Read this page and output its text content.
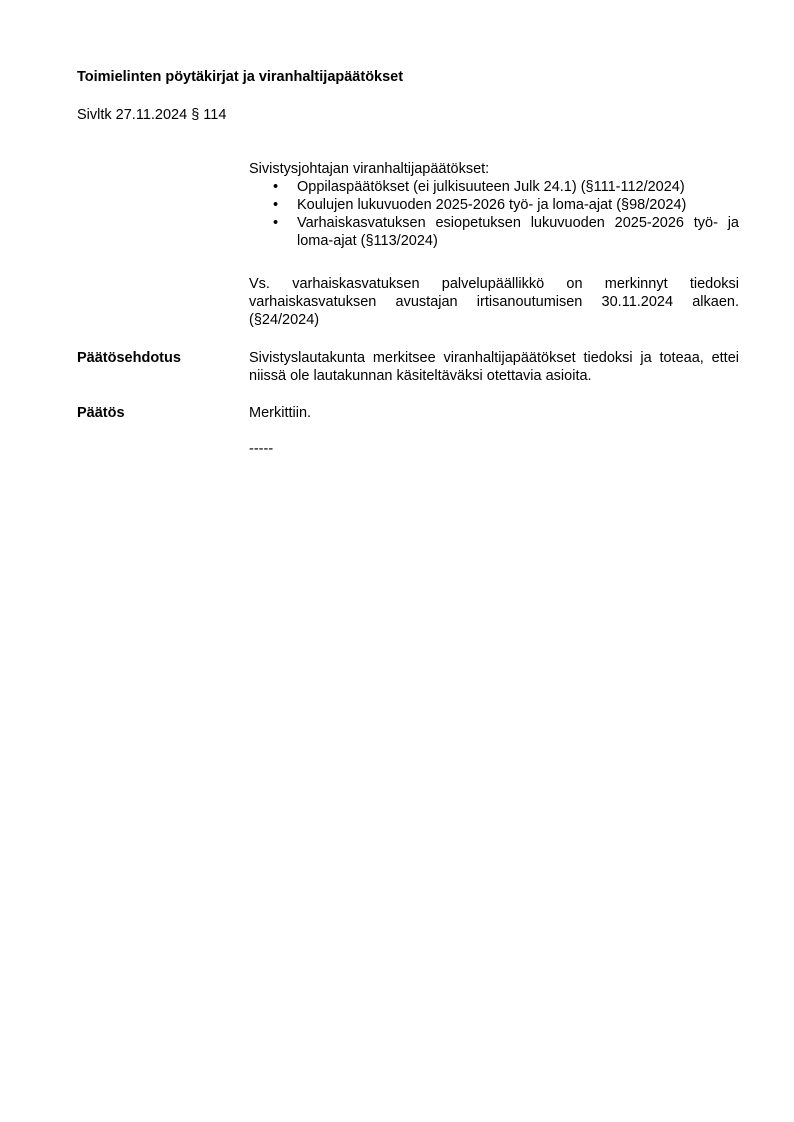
Toimielinten pöytäkirjat ja viranhaltijapäätökset
Sivltk 27.11.2024 § 114
Sivistysjohtajan viranhaltijapäätökset:
• Oppilaspäätökset (ei julkisuuteen Julk 24.1) (§111-112/2024)
• Koulujen lukuvuoden 2025-2026 työ- ja loma-ajat (§98/2024)
• Varhaiskasvatuksen esiopetuksen lukuvuoden 2025-2026 työ- ja loma-ajat (§113/2024)
Vs. varhaiskasvatuksen palvelupäällikkö on merkinnyt tiedoksi varhaiskasvatuksen avustajan irtisanoutumisen 30.11.2024 alkaen. (§24/2024)
Päätösehdotus	Sivistyslautakunta merkitsee viranhaltijapäätökset tiedoksi ja toteaa, ettei niissä ole lautakunnan käsiteltäväksi otettavia asioita.
Päätös	Merkittiin.
-----
